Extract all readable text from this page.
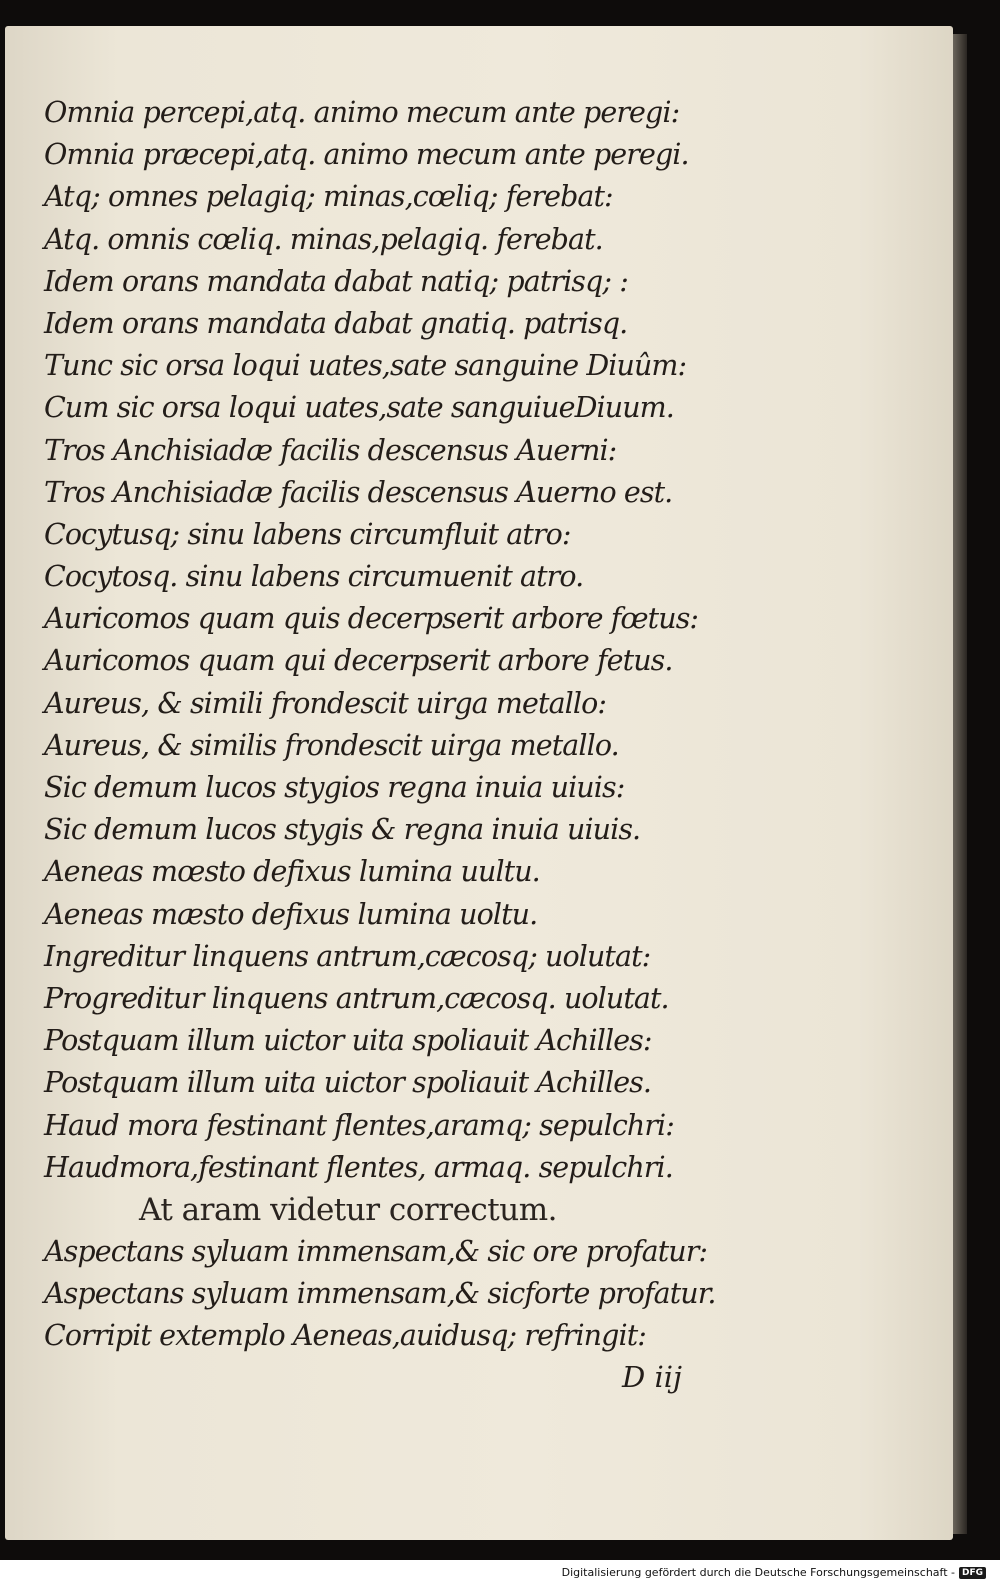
Omnia percepi,atq. animo mecum ante peregi:
Omnia præcepi,atq. animo mecum ante peregi.
Atq; omnes pelagiq; minas,cœliq; ferebat:
Atq. omnis cœliq. minas,pelagiq. ferebat.
Idem orans mandata dabat natiq; patrisq; :
Idem orans mandata dabat gnatiq. patrisq.
Tunc sic orsa loqui uates,sate sanguine Diuûm:
Cum sic orsa loqui uates,sate sanguiueDiuum.
Tros Anchisiadæ facilis descensus Auerni:
Tros Anchisiadæ facilis descensus Auerno est.
Cocytusq; sinu labens circumfluit atro:
Cocytosq. sinu labens circumuenit atro.
Auricomos quam quis decerpserit arbore fœtus:
Auricomos quam qui decerpserit arbore fetus.
Aureus, & simili frondescit uirga metallo:
Aureus, & similis frondescit uirga metallo.
Sic demum lucos stygios regna inuia uiuis:
Sic demum lucos stygis & regna inuia uiuis.
Aeneas mœsto defixus lumina uultu.
Aeneas mæsto defixus lumina uoltu.
Ingreditur linquens antrum,cæcosq; uolutat:
Progreditur linquens antrum,cæcosq. uolutat.
Postquam illum uictor uita spoliauit Achilles:
Postquam illum uita uictor spoliauit Achilles.
Haud mora festinant flentes,aramq; sepulchri:
Haudmora,festinant flentes, armaq. sepulchri.
At aram videtur correctum.
Aspectans syluam immensam,& sic ore profatur:
Aspectans syluam immensam,& sicforte profatur.
Corripit extemplo Aeneas,auidusq; refringit:
D iij
Digitalisierung gefördert durch die Deutsche Forschungsgemeinschaft - DFG
